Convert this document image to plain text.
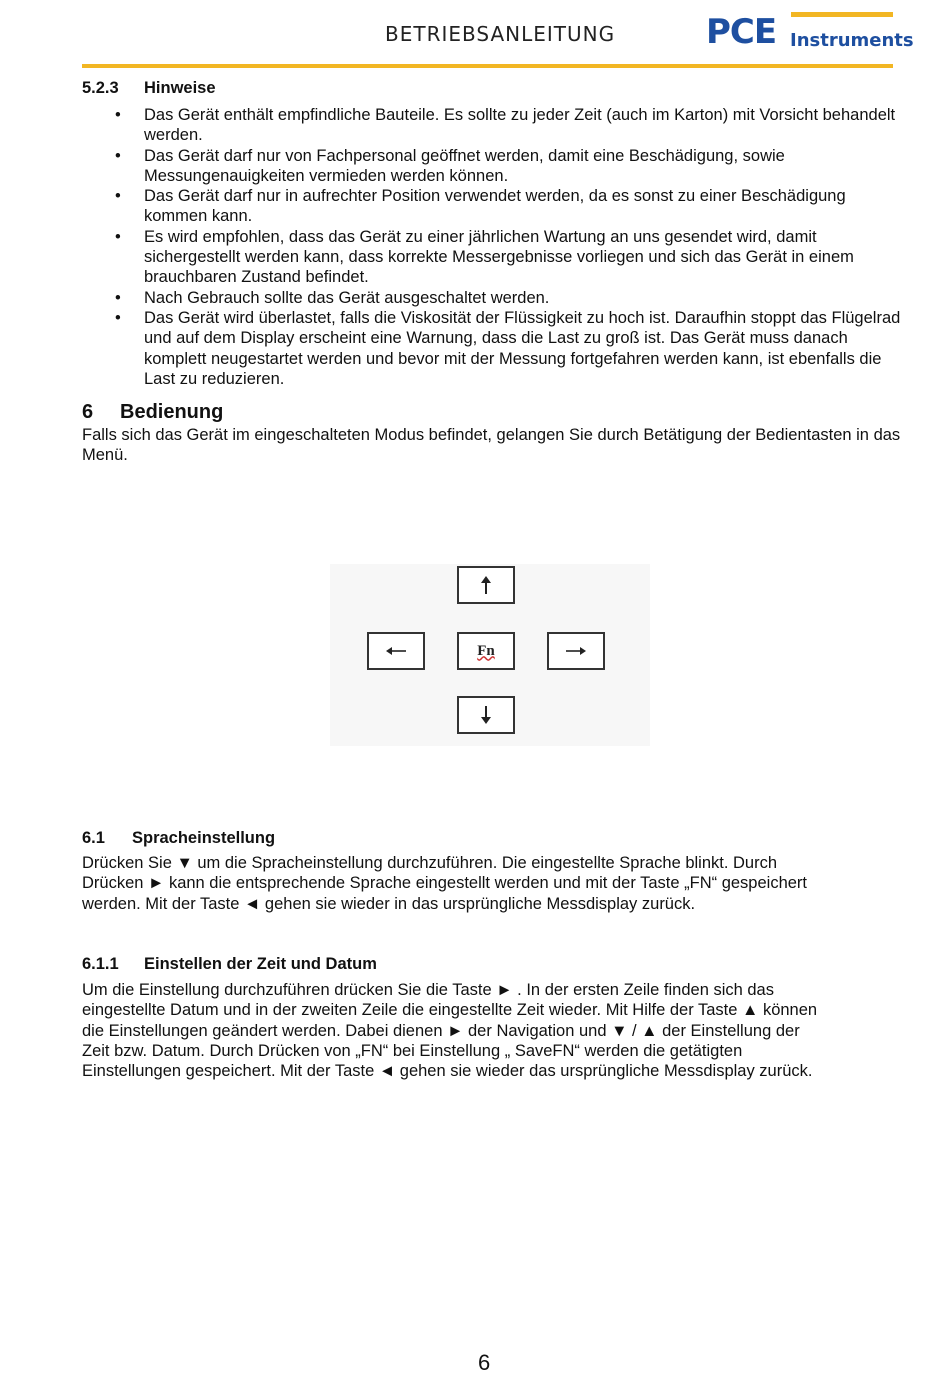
BETRIEBSANLEITUNG	PCE Instruments
5.2.3 Hinweise
• Das Gerät enthält empfindliche Bauteile. Es sollte zu jeder Zeit (auch im Karton) mit Vorsicht behandelt werden.
• Das Gerät darf nur von Fachpersonal geöffnet werden, damit eine Beschädigung, sowie Messungenauigkeiten vermieden werden können.
• Das Gerät darf nur in aufrechter Position verwendet werden, da es sonst zu einer Beschädigung kommen kann.
• Es wird empfohlen, dass das Gerät zu einer jährlichen Wartung an uns gesendet wird, damit sichergestellt werden kann, dass korrekte Messergebnisse vorliegen und sich das Gerät in einem brauchbaren Zustand befindet.
• Nach Gebrauch sollte das Gerät ausgeschaltet werden.
• Das Gerät wird überlastet, falls die Viskosität der Flüssigkeit zu hoch ist. Daraufhin stoppt das Flügelrad und auf dem Display erscheint eine Warnung, dass die Last zu groß ist. Das Gerät muss danach komplett neugestartet werden und bevor mit der Messung fortgefahren werden kann, ist ebenfalls die Last zu reduzieren.
6 Bedienung

Falls sich das Gerät im eingeschalteten Modus befindet, gelangen Sie durch Betätigung der Bedientasten in das Menü.

Fn
6.1 Spracheinstellung

Drücken Sie ▼ um die Spracheinstellung durchzuführen. Die eingestellte Sprache blinkt. Durch Drücken ► kann die entsprechende Sprache eingestellt werden und mit der Taste „FN“ gespeichert werden. Mit der Taste ◄ gehen sie wieder in das ursprüngliche Messdisplay zurück.

6.1.1 Einstellen der Zeit und Datum

Um die Einstellung durchzuführen drücken Sie die Taste ► . In der ersten Zeile finden sich das eingestellte Datum und in der zweiten Zeile die eingestellte Zeit wieder. Mit Hilfe der Taste ▲ können die Einstellungen geändert werden. Dabei dienen ► der Navigation und ▼ / ▲ der Einstellung der Zeit bzw. Datum. Durch Drücken von „FN“ bei Einstellung „ SaveFN“ werden die getätigten Einstellungen gespeichert. Mit der Taste ◄ gehen sie wieder das ursprüngliche Messdisplay zurück.

6
